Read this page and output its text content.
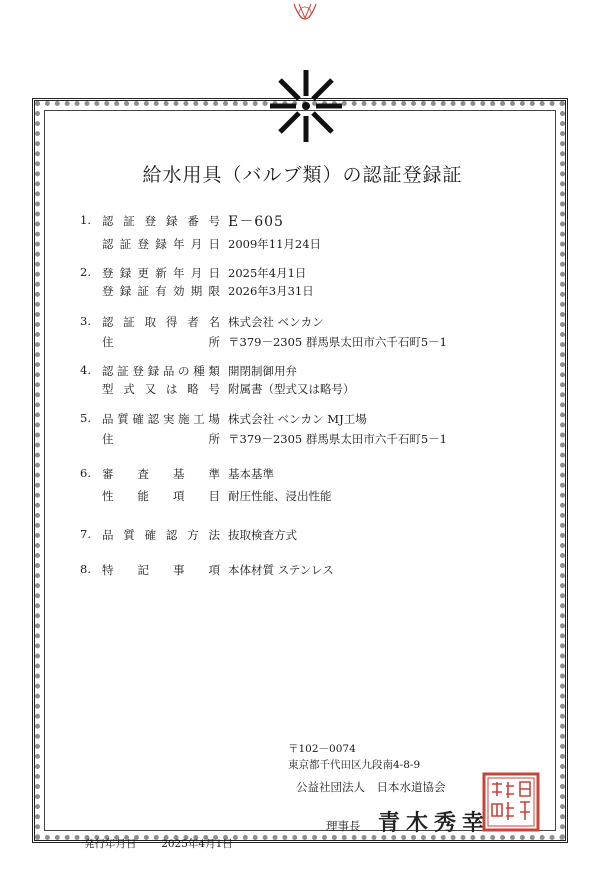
給水用具（バルブ類）の認証登録証
1. 認 証 登 録 番 号 E－605
認 証 登 録 年 月 日 2009年11月24日
2. 登 録 更 新 年 月 日 2025年4月1日
登 録 証 有 効 期 限 2026年3月31日
3. 認 証 取 得 者 名 株式会社 ベンカン
住	所 〒379－2305 群馬県太田市六千石町5－1
4. 認 証 登 録 品 の 種 類 開閉制御用弁
型 式 又 は 略 号 附属書（型式又は略号）
5. 品 質 確 認 実 施 工 場 株式会社 ベンカン MJ工場
住	所 〒379－2305 群馬県太田市六千石町5－1
6. 審 査 基 準 基本基準
性 能 項 目 耐圧性能、浸出性能
7. 品 質 確 認 方 法 抜取検査方式
8. 特 記 事 項 本体材質 ステンレス
〒102－0074
東京都千代田区九段南4-8-9
公益社団法人　日本水道協会
理事長 青木秀幸
発行年月日 2025年4月1日
